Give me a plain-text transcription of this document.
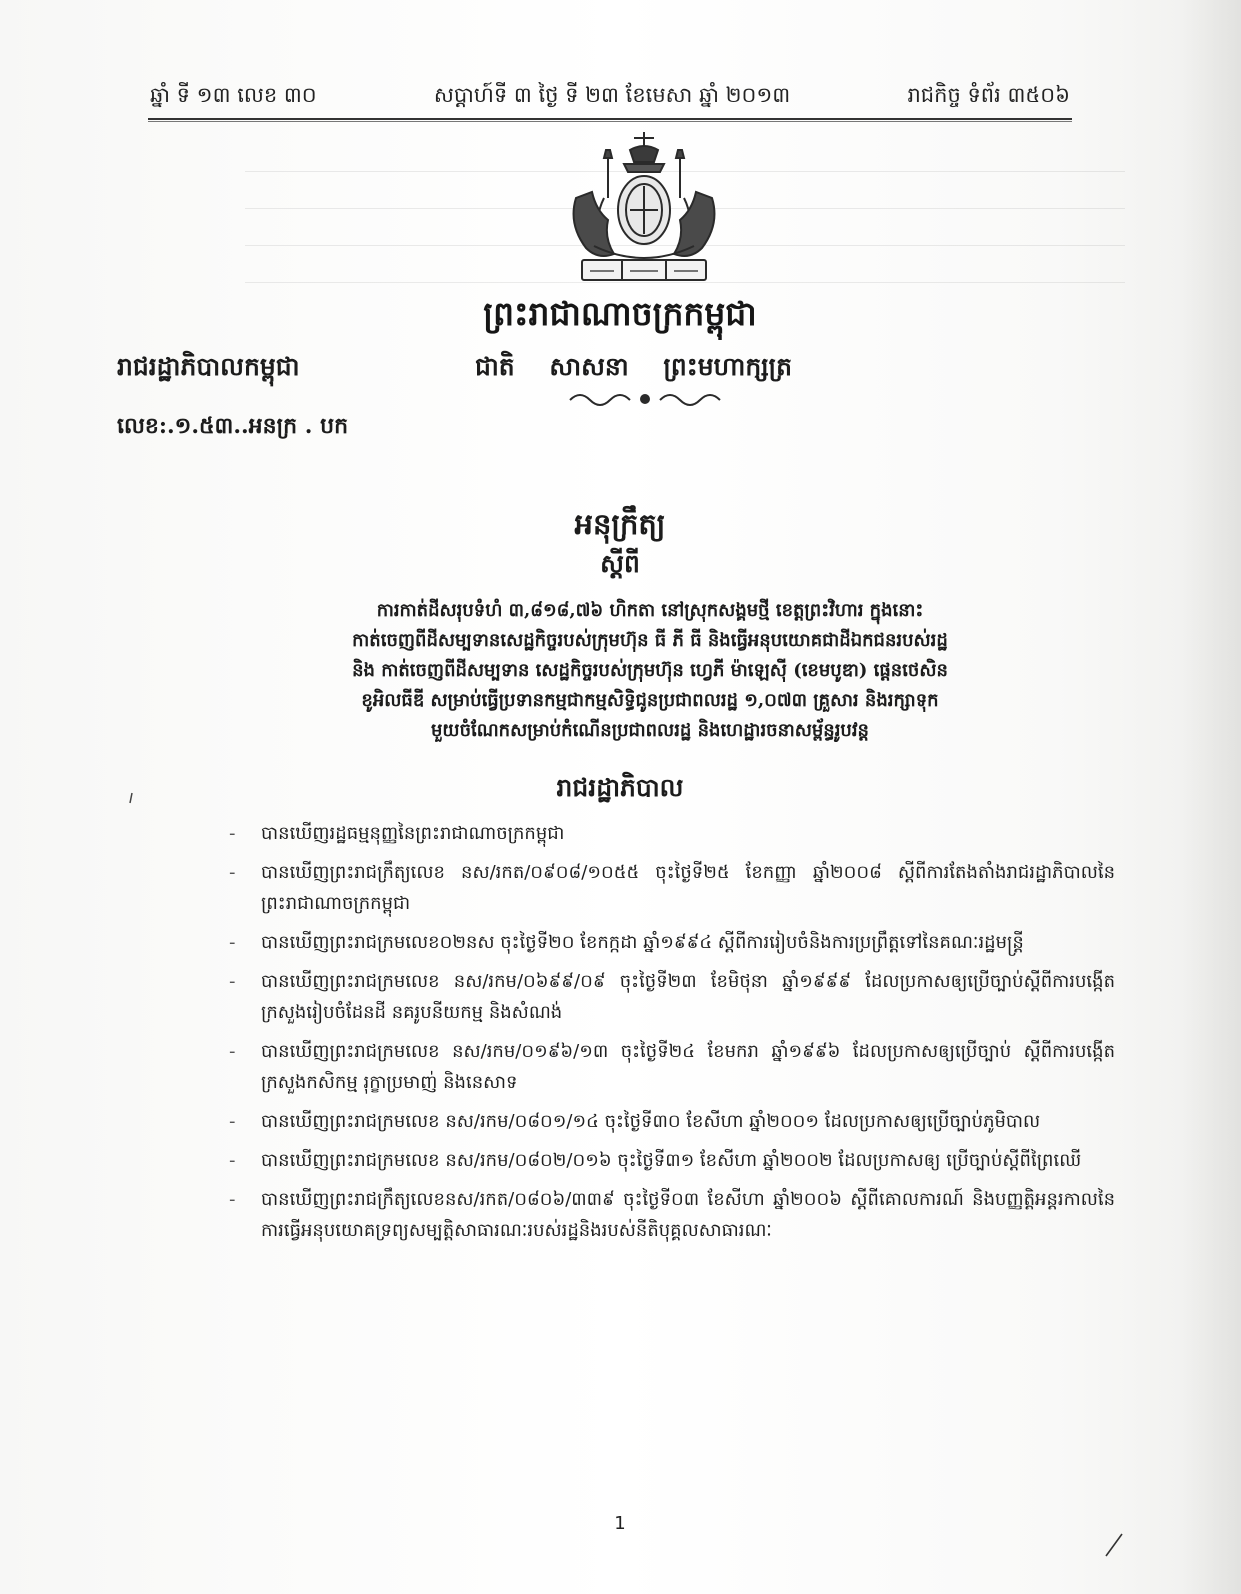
ឆ្នាំ ទី ១៣ លេខ ៣០	សប្តាហ៍ទី ៣ ថ្ងៃ ទី ២៣ ខែមេសា ឆ្នាំ ២០១៣	រាជកិច្ច ទំព័រ ៣៥០៦
ព្រះរាជាណាចក្រកម្ពុជា
រាជរដ្ឋាភិបាលកម្ពុជា	ជាតិ សាសនា ព្រះមហាក្សត្រ
លេខ:.១.៥៣..អនក្រ . បក
អនុក្រឹត្យ
ស្តីពី
ការកាត់ដីសរុបទំហំ ៣,៨១៨,៧៦ ហិកតា នៅស្រុកសង្គមថ្មី ខេត្តព្រះវិហារ ក្នុងនោះ
កាត់ចេញពីដីសម្បទានសេដ្ឋកិច្ចរបស់ក្រុមហ៊ុន ធី ភី ធី និងធ្វើអនុបយោគជាដីឯកជនរបស់រដ្ឋ
និង កាត់ចេញពីដីសម្បទាន សេដ្ឋកិច្ចរបស់ក្រុមហ៊ុន ហ្វេភី ម៉ាឡេស៊ី (ខេមបូឌា) ផ្តេនថេសិន
ខូអិលធីឌី សម្រាប់ធ្វើប្រទានកម្មជាកម្មសិទ្ធិជូនប្រជាពលរដ្ឋ ១,០៧៣ គ្រួសារ និងរក្សាទុក
មួយចំណែកសម្រាប់កំណើនប្រជាពលរដ្ឋ និងហេដ្ឋារចនាសម្ព័ន្ធរូបវន្ត
រាជរដ្ឋាភិបាល
- បានឃើញរដ្ឋធម្មនុញ្ញនៃព្រះរាជាណាចក្រកម្ពុជា
- បានឃើញព្រះរាជក្រឹត្យលេខ នស/រកត/០៩០៨/១០៥៥ ចុះថ្ងៃទី២៥ ខែកញ្ញា ឆ្នាំ២០០៨ ស្តីពីការតែងតាំងរាជរដ្ឋាភិបាលនៃព្រះរាជាណាចក្រកម្ពុជា
- បានឃើញព្រះរាជក្រមលេខ០២នស ចុះថ្ងៃទី២០ ខែកក្កដា ឆ្នាំ១៩៩៤ ស្តីពីការរៀបចំនិងការប្រព្រឹត្តទៅនៃគណៈរដ្ឋមន្ត្រី
- បានឃើញព្រះរាជក្រមលេខ នស/រកម/០៦៩៩/០៩ ចុះថ្ងៃទី២៣ ខែមិថុនា ឆ្នាំ១៩៩៩ ដែលប្រកាសឲ្យប្រើច្បាប់ស្តីពីការបង្កើតក្រសួងរៀបចំដែនដី នគរូបនីយកម្ម និងសំណង់
- បានឃើញព្រះរាជក្រមលេខ នស/រកម/០១៩៦/១៣ ចុះថ្ងៃទី២៤ ខែមករា ឆ្នាំ១៩៩៦ ដែលប្រកាសឲ្យប្រើច្បាប់ ស្តីពីការបង្កើតក្រសួងកសិកម្ម រុក្ខាប្រមាញ់ និងនេសាទ
- បានឃើញព្រះរាជក្រមលេខ នស/រកម/០៨០១/១៤ ចុះថ្ងៃទី៣០ ខែសីហា ឆ្នាំ២០០១ ដែលប្រកាសឲ្យប្រើច្បាប់ភូមិបាល
- បានឃើញព្រះរាជក្រមលេខ នស/រកម/០៨០២/០១៦ ចុះថ្ងៃទី៣១ ខែសីហា ឆ្នាំ២០០២ ដែលប្រកាសឲ្យ ប្រើច្បាប់ស្តីពីព្រៃឈើ
- បានឃើញព្រះរាជក្រឹត្យលេខនស/រកត/០៨០៦/៣៣៩ ចុះថ្ងៃទី០៣ ខែសីហា ឆ្នាំ២០០៦ ស្តីពីគោលការណ៍ និងបញ្ញត្តិអន្តរកាលនៃការធ្វើអនុបយោគទ្រព្យសម្បត្តិសាធារណៈរបស់រដ្ឋនិងរបស់នីតិបុគ្គលសាធារណៈ
1
